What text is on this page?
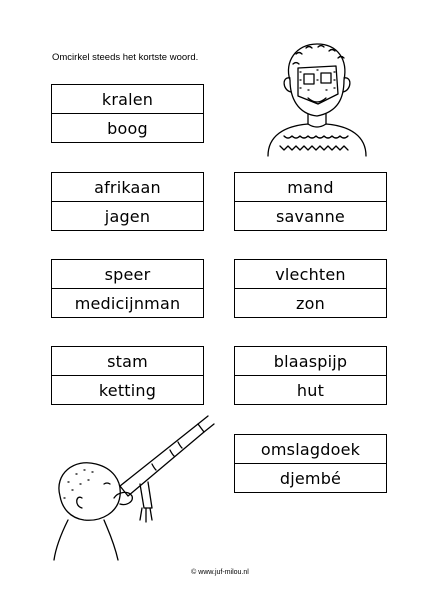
Omcirkel steeds het kortste woord.
kralen
boog
afrikaan
jagen
mand
savanne
speer
medicijnman
vlechten
zon
stam
ketting
blaaspijp
hut
omslagdoek
djembé
© www.juf-milou.nl
